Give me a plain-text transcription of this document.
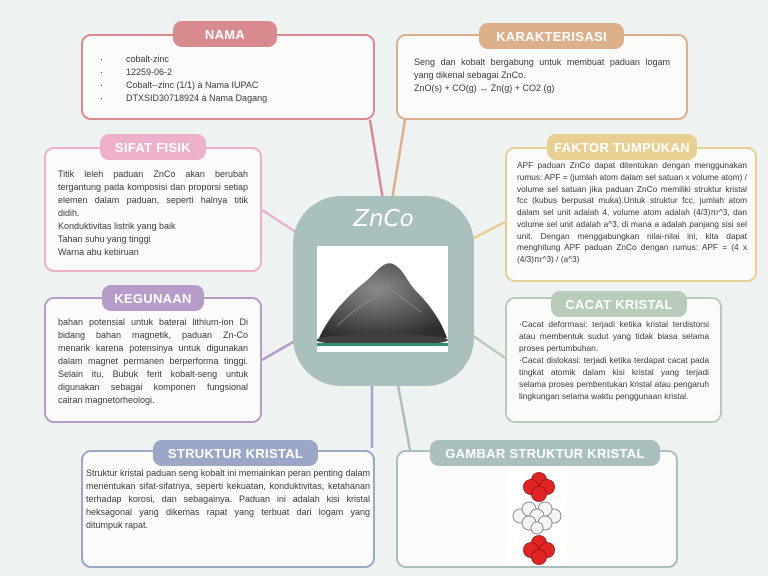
· cobalt-zinc
· 12259-06-2
· Cobalt--zinc (1/1) à Nama IUPAC
· DTXSID30718924 à Nama Dagang
NAMA

Seng dan kobalt bergabung untuk membuat paduan logam yang dikenal sebagai ZnCo.

ZnO(s) + CO(g) ↔ Zn(g) + CO2 (g)

KARAKTERISASI

Titik leleh paduan ZnCo akan berubah tergantung pada komposisi dan proporsi setiap elemen dalam paduan, seperti halnya titik didih.

Konduktivitas listrik yang baik

Tahan suhu yang tinggi

Warna abu kebiruan

SIFAT FISIK

APF paduan ZnCo dapat ditentukan dengan menggunakan rumus: APF = (jumlah atom dalam sel satuan x volume atom) / volume sel satuan jika paduan ZnCo memiliki struktur kristal fcc (kubus berpusat muka).Untuk struktur fcc, jumlah atom dalam sel unit adalah 4, volume atom adalah (4/3)πr^3, dan volume sel unit adalah a^3, di mana a adalah panjang sisi sel unit. Dengan menggabungkan nilai-nilai ini, kita dapat menghitung APF paduan ZnCo dengan rumus: APF = (4 x (4/3)πr^3) / (a^3)

FAKTOR TUMPUKAN

bahan potensial untuk baterai lithium-ion Di bidang bahan magnetik, paduan Zn-Co menarik karena potensinya untuk digunakan dalam magnet permanen berperforma tinggi. Selain itu, Bubuk ferit kobalt-seng untuk digunakan sebagai komponen fungsional cairan magnetorheologi.

KEGUNAAN

·Cacat deformasi: terjadi ketika kristal terdistorsi atau membentuk sudut yang tidak biasa selama proses pertumbuhan.

·Cacat dislokasi: terjadi ketika terdapat cacat pada tingkat atomik dalam kisi kristal yang terjadi selama proses pembentukan kristal atau pengaruh lingkungan selama waktu penggunaan kristal.

CACAT KRISTAL

Struktur kristal paduan seng kobalt ini memainkan peran penting dalam menentukan sifat-sifatnya, seperti kekuatan, konduktivitas, ketahanan terhadap korosi, dan sebagainya. Paduan ini adalah kisi kristal heksagonal yang dikemas rapat yang terbuat dari logam yang ditumpuk rapat.

STRUKTUR KRISTAL	GAMBAR STRUKTUR KRISTAL
ZnCo
